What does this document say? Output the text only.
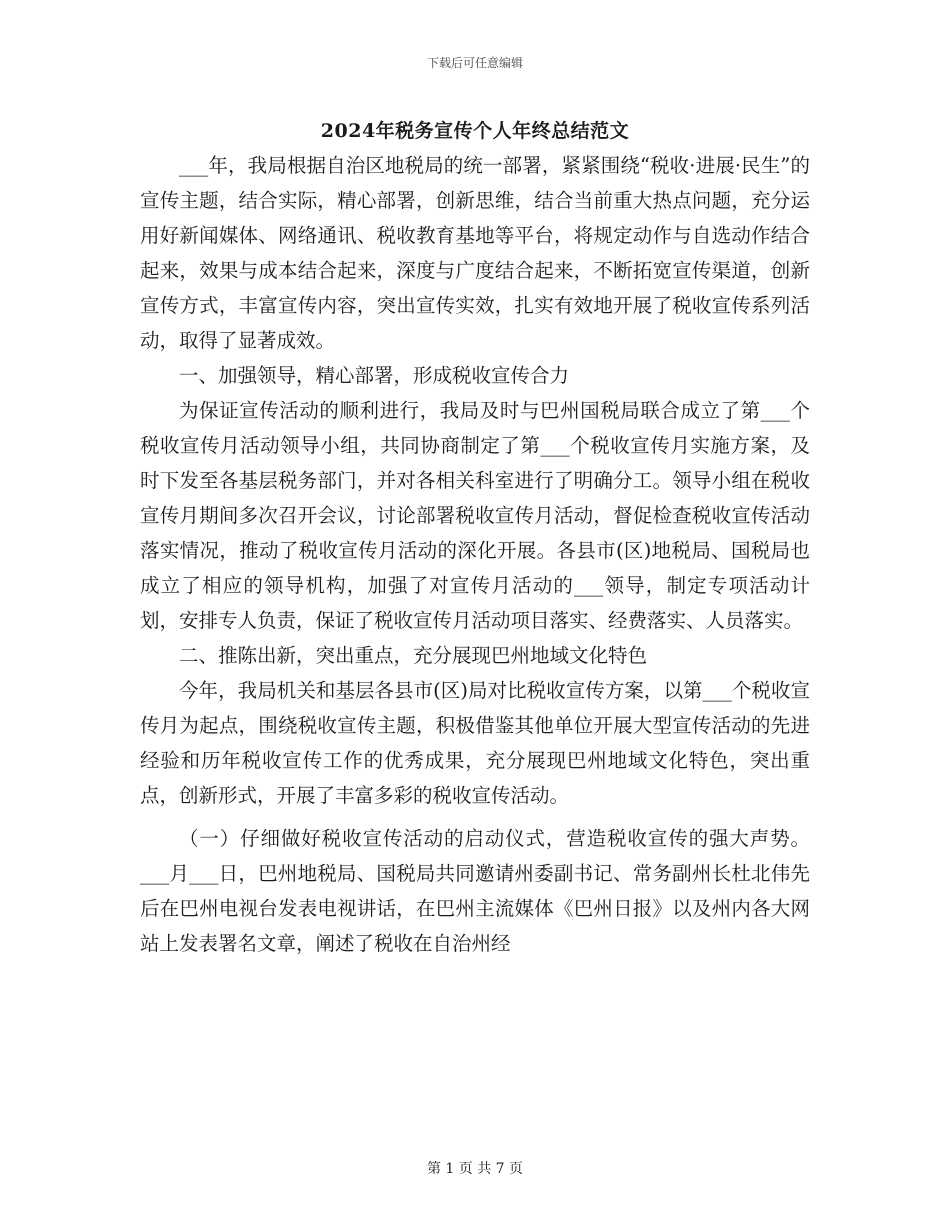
下载后可任意编辑
2024年税务宣传个人年终总结范文

___年，我局根据自治区地税局的统一部署，紧紧围绕“税收·进展·民生”的宣传主题，结合实际，精心部署，创新思维，结合当前重大热点问题，充分运用好新闻媒体、网络通讯、税收教育基地等平台，将规定动作与自选动作结合起来，效果与成本结合起来，深度与广度结合起来，不断拓宽宣传渠道，创新宣传方式，丰富宣传内容，突出宣传实效，扎实有效地开展了税收宣传系列活动，取得了显著成效。

一、加强领导，精心部署，形成税收宣传合力

为保证宣传活动的顺利进行，我局及时与巴州国税局联合成立了第___个税收宣传月活动领导小组，共同协商制定了第___个税收宣传月实施方案，及时下发至各基层税务部门，并对各相关科室进行了明确分工。领导小组在税收宣传月期间多次召开会议，讨论部署税收宣传月活动，督促检查税收宣传活动落实情况，推动了税收宣传月活动的深化开展。各县市(区)地税局、国税局也成立了相应的领导机构，加强了对宣传月活动的___领导，制定专项活动计划，安排专人负责，保证了税收宣传月活动项目落实、经费落实、人员落实。

二、推陈出新，突出重点，充分展现巴州地域文化特色

今年，我局机关和基层各县市(区)局对比税收宣传方案，以第___个税收宣传月为起点，围绕税收宣传主题，积极借鉴其他单位开展大型宣传活动的先进经验和历年税收宣传工作的优秀成果，充分展现巴州地域文化特色，突出重点，创新形式，开展了丰富多彩的税收宣传活动。

（一）仔细做好税收宣传活动的启动仪式，营造税收宣传的强大声势。___月___日，巴州地税局、国税局共同邀请州委副书记、常务副州长杜北伟先后在巴州电视台发表电视讲话，在巴州主流媒体《巴州日报》以及州内各大网站上发表署名文章，阐述了税收在自治州经

第 1 页 共 7 页
